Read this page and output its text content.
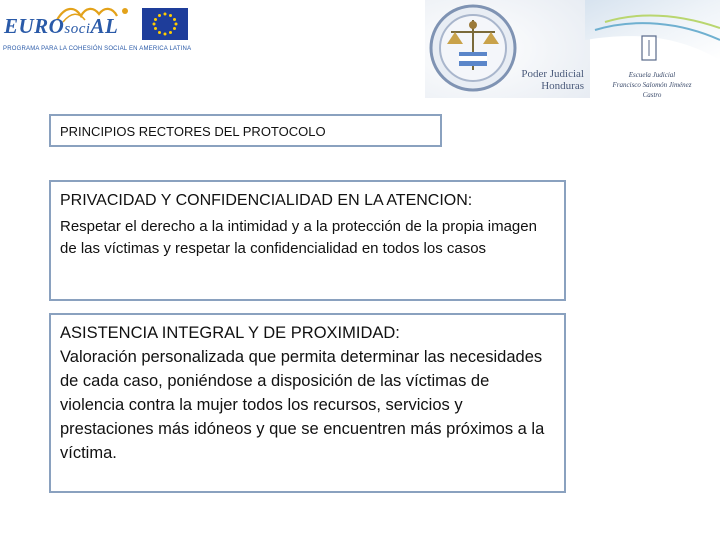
EUROsociAL
PROGRAMA PARA LA COHESIÓN SOCIAL EN AMERICA LATINA
Poder Judicial
Honduras
Escuela Judicial
Francisco Salomón Jiménez Castro
PRINCIPIOS RECTORES DEL PROTOCOLO
PRIVACIDAD Y CONFIDENCIALIDAD EN LA ATENCION:
Respetar el derecho a la intimidad y a la protección de la propia imagen de las víctimas y respetar la confidencialidad en todos los casos
ASISTENCIA INTEGRAL Y DE PROXIMIDAD:
Valoración personalizada que permita determinar las necesidades de cada caso, poniéndose a disposición de las víctimas de violencia contra la mujer todos los recursos, servicios y prestaciones más idóneos y que se encuentren más próximos a la víctima.
